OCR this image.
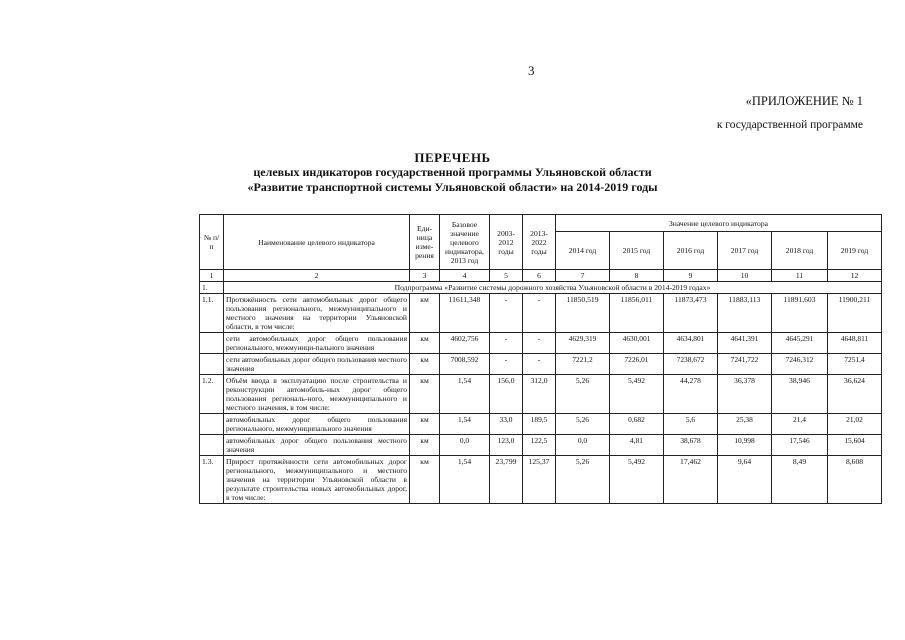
3
«ПРИЛОЖЕНИЕ № 1
к государственной программе
ПЕРЕЧЕНЬ
целевых индикаторов государственной программы Ульяновской области
«Развитие транспортной системы Ульяновской области» на 2014-2019 годы
№ п/п	Наименование целевого индикатора	Еди-ница изме-рения	Базовое значение целевого индикатора, 2013 год	2003-2012 годы	2013-2022 годы	Значение целевого индикатора					
						2014 год	2015 год	2016 год	2017 год	2018 год	2019 год
1	2	3	4	5	6	7	8	9	10	11	12
1.	Подпрограмма «Развитие системы дорожного хозяйства Ульяновской области в 2014-2019 годах»										
1.1.	Протяжённость сети автомобильных дорог общего пользования регионального, межмуниципального и местного значения на территории Ульяновской области, в том числе:	км	11611,348	-	-	11850,519	11856,011	11873,473	11883,113	11891,603	11900,211
	сети автомобильных дорог общего пользования регионального, межмуници-пального значения	км	4602,756	-	-	4629,319	4630,001	4634,801	4641,391	4645,291	4648,811
	сети автомобильных дорог общего пользования местного значения	км	7008,592	-	-	7221,2	7226,01	7238,672	7241,722	7246,312	7251,4
1.2.	Объём ввода в эксплуатацию после строительства и реконструкции автомобиль-ных дорог общего пользования региональ-ного, межмуниципального и местного значения, в том числе:	км	1,54	156,0	312,0	5,26	5,492	44,278	36,378	38,946	36,624
	автомобильных дорог общего пользования регионального, межмуниципального значения	км	1,54	33,0	189,5	5,26	0,682	5,6	25,38	21,4	21,02
	автомобильных дорог общего пользования местного значения	км	0,0	123,0	122,5	0,0	4,81	38,678	10,998	17,546	15,604
1.3.	Прирост протяжённости сети автомобильных дорог регионального, межмуниципального и местного значения на территории Ульяновской области в результате строительства новых автомобильных дорог, в том числе:	км	1,54	23,799	125,37	5,26	5,492	17,462	9,64	8,49	8,608
